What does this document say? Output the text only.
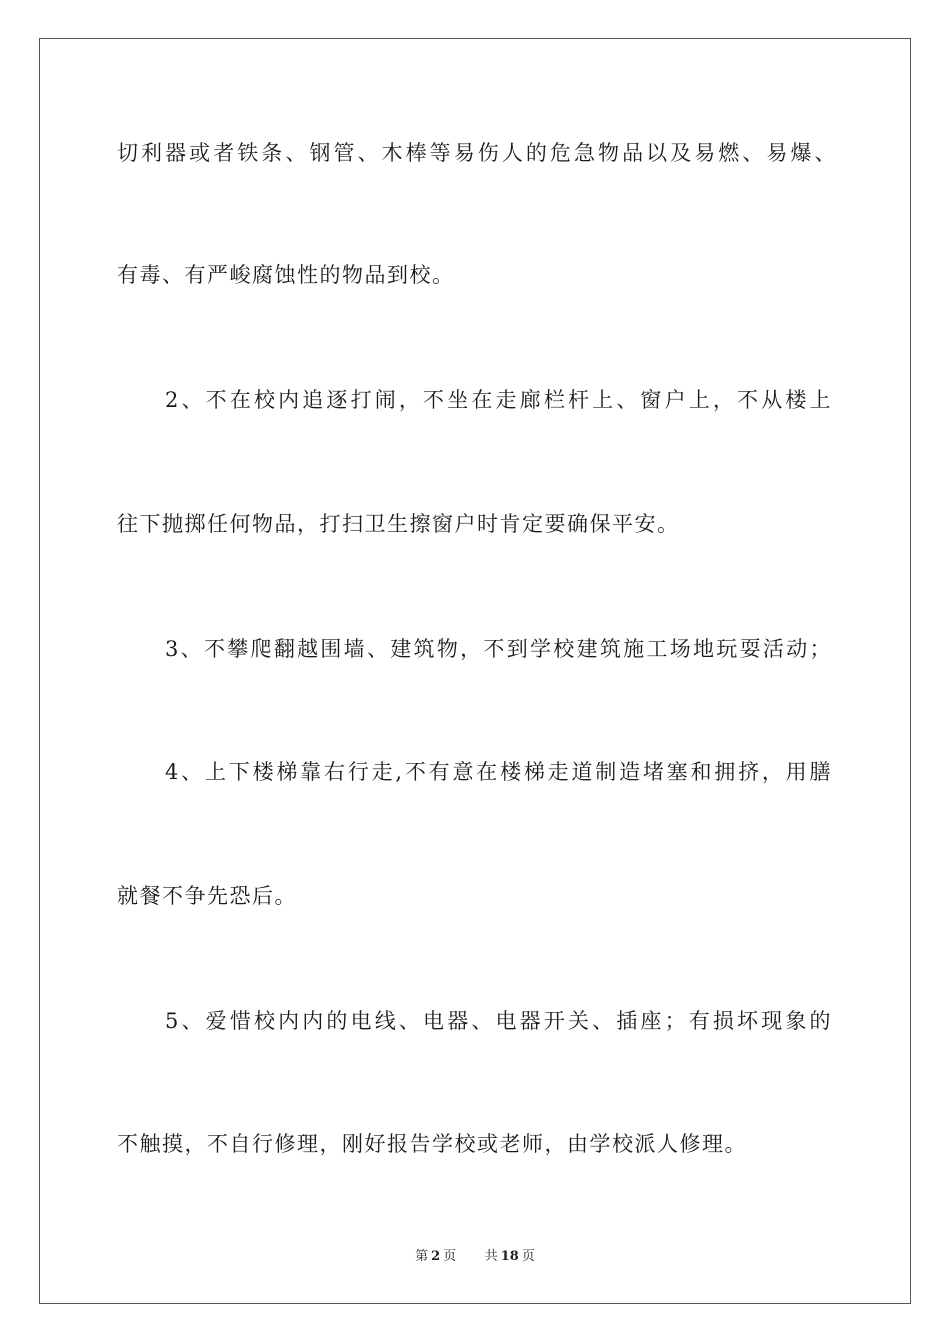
切利器或者铁条、钢管、木棒等易伤人的危急物品以及易燃、易爆、
有毒、有严峻腐蚀性的物品到校。
2、不在校内追逐打闹，不坐在走廊栏杆上、窗户上，不从楼上
往下抛掷任何物品，打扫卫生擦窗户时肯定要确保平安。
3、不攀爬翻越围墙、建筑物，不到学校建筑施工场地玩耍活动；
4、上下楼梯靠右行走,不有意在楼梯走道制造堵塞和拥挤，用膳
就餐不争先恐后。
5、爱惜校内内的电线、电器、电器开关、插座；有损坏现象的
不触摸，不自行修理，刚好报告学校或老师，由学校派人修理。
第 2 页 共 18 页
